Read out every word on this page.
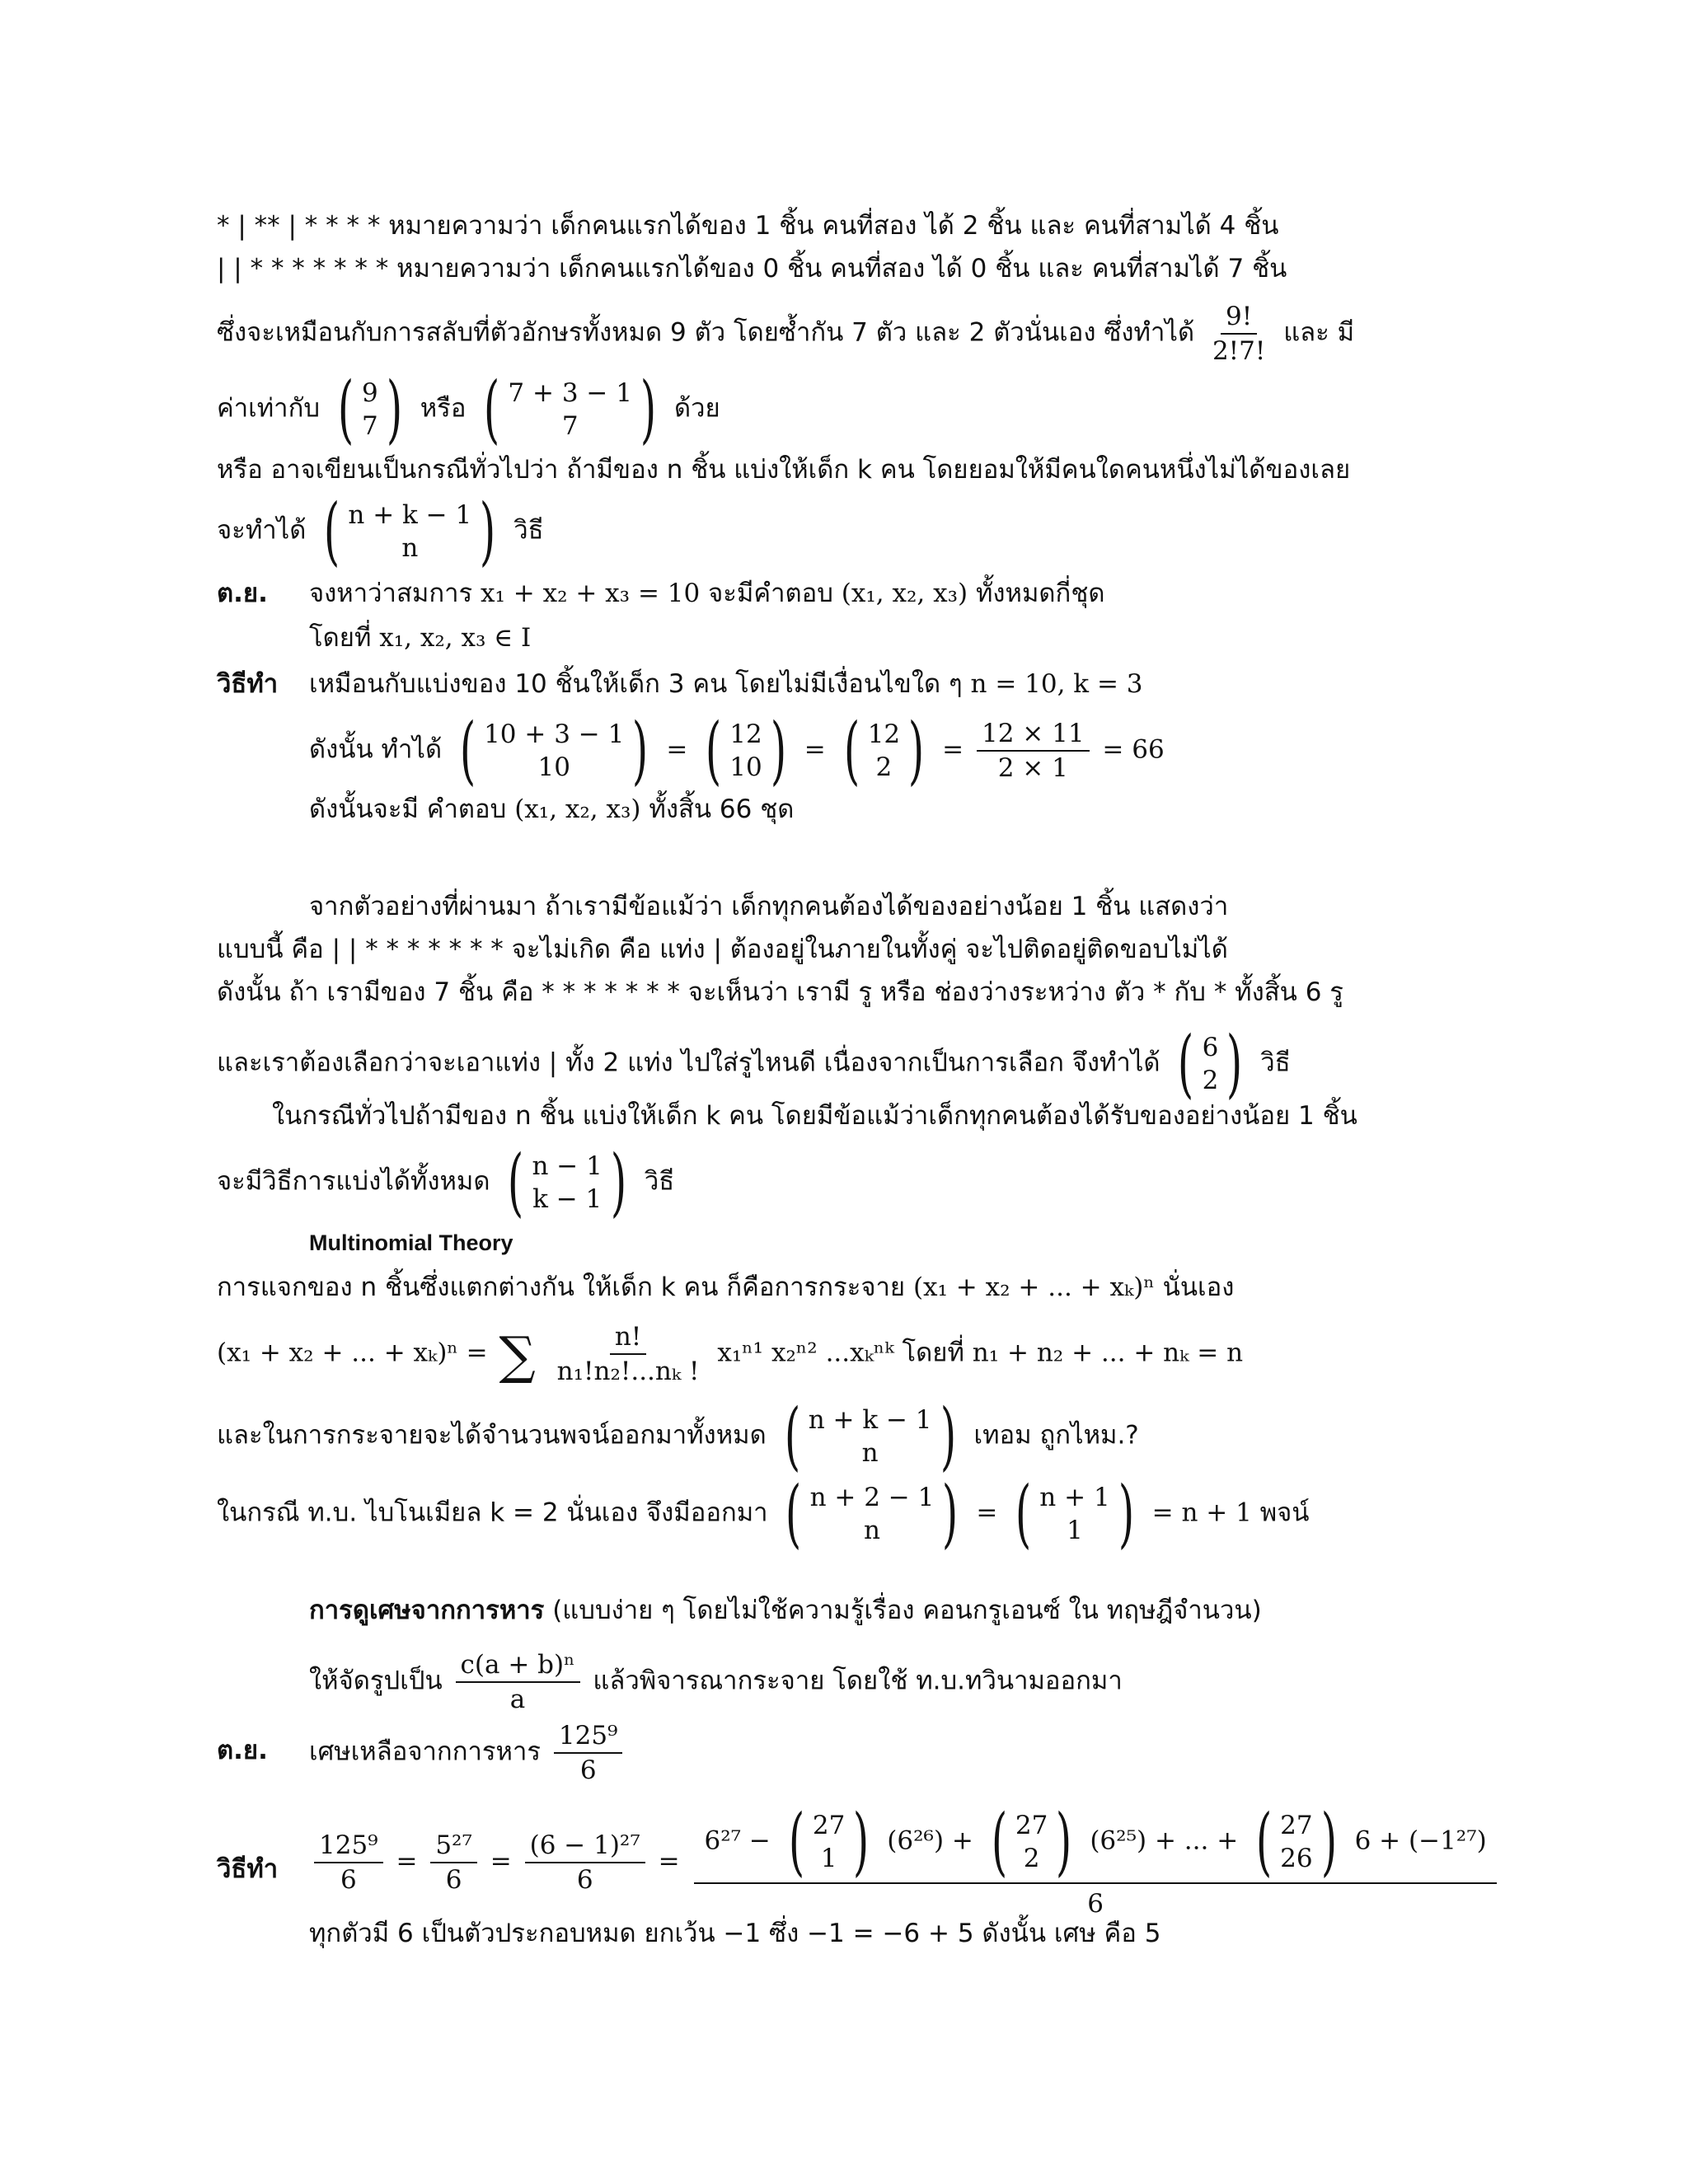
* | ** | * * * * หมายความว่า เด็กคนแรกได้ของ 1 ชิ้น คนที่สอง ได้ 2 ชิ้น และ คนที่สามได้ 4 ชิ้น
| | * * * * * * * หมายความว่า เด็กคนแรกได้ของ 0 ชิ้น คนที่สอง ได้ 0 ชิ้น และ คนที่สามได้ 7 ชิ้น
ซึ่งจะเหมือนกับการสลับที่ตัวอักษรทั้งหมด 9 ตัว โดยซ้ำกัน 7 ตัว และ 2 ตัวนั่นเอง ซึ่งทำได้ $\frac{9!}{2!7!}$ และ มี
ค่าเท่ากับ ( 9
7 ) หรือ ( 7 + 3 − 1
7 ) ด้วย
หรือ อาจเขียนเป็นกรณีทั่วไปว่า ถ้ามีของ n ชิ้น แบ่งให้เด็ก k คน โดยยอมให้มีคนใดคนหนึ่งไม่ได้ของเลย
จะทำได้ ( n + k − 1
n ) วิธี
ต.ย. จงหาว่าสมการ x₁ + x₂ + x₃ = 10 จะมีคำตอบ (x₁, x₂, x₃) ทั้งหมดกี่ชุด
โดยที่ x₁, x₂, x₃ ∈ I
วิธีทำ เหมือนกับแบ่งของ 10 ชิ้นให้เด็ก 3 คน โดยไม่มีเงื่อนไขใด ๆ n = 10, k = 3
ดังนั้น ทำได้ ( 10 + 3 − 1
10 ) = ( 12
10 ) = ( 12
2 ) = $\frac{12 \times 11}{2 \times 1} = 66$
ดังนั้นจะมี คำตอบ (x₁, x₂, x₃) ทั้งสิ้น 66 ชุด
จากตัวอย่างที่ผ่านมา ถ้าเรามีข้อแม้ว่า เด็กทุกคนต้องได้ของอย่างน้อย 1 ชิ้น แสดงว่า
แบบนี้ คือ | | * * * * * * * จะไม่เกิด คือ แท่ง | ต้องอยู่ในภายในทั้งคู่ จะไปติดอยู่ติดขอบไม่ได้
ดังนั้น ถ้า เรามีของ 7 ชิ้น คือ * * * * * * * จะเห็นว่า เรามี รู หรือ ช่องว่างระหว่าง ตัว * กับ * ทั้งสิ้น 6 รู
และเราต้องเลือกว่าจะเอาแท่ง | ทั้ง 2 แท่ง ไปใส่รูไหนดี เนื่องจากเป็นการเลือก จึงทำได้ ( 6
2 ) วิธี
ในกรณีทั่วไปถ้ามีของ n ชิ้น แบ่งให้เด็ก k คน โดยมีข้อแม้ว่าเด็กทุกคนต้องได้รับของอย่างน้อย 1 ชิ้น
จะมีวิธีการแบ่งได้ทั้งหมด ( n − 1
k − 1 ) วิธี
Multinomial Theory
การแจกของ n ชิ้นซึ่งแตกต่างกัน ให้เด็ก k คน ก็คือการกระจาย (x₁ + x₂ + ... + xₖ)ⁿ นั่นเอง
(x₁ + x₂ + ... + xₖ)ⁿ = ∑ $\frac{n!}{\text{n₁!n₂!...nₖ !}} x_1^{n1}$ x₂ⁿ² ...xₖⁿᵏ โดยที่ n₁ + n₂ + ... + nₖ = n
และในการกระจายจะได้จำนวนพจน์ออกมาทั้งหมด ( n + k − 1
n ) เทอม ถูกไหม.?
ในกรณี ท.บ. ไบโนเมียล k = 2 นั่นเอง จึงมีออกมา ( n + 2 − 1
n ) = ( n + 1
1 ) = n + 1 พจน์
การดูเศษจากการหาร (แบบง่าย ๆ โดยไม่ใช้ความรู้เรื่อง คอนกรูเอนซ์ ใน ทฤษฎีจำนวน)
ให้จัดรูปเป็น $\frac{\text{c(a + b)ⁿ}}{a}$ แล้วพิจารณากระจาย โดยใช้ ท.บ.ทวินามออกมา
ต.ย. เศษเหลือจากการหาร $\frac{\text{125⁹}}{6}$
วิธีทำ $\frac{\text{125⁹}}{6} = \frac{\text{5²⁷}}{6} = \frac{\text{(6 − 1)²⁷}}{6}$ =
6²⁷ − ( 27
1 ) (6²⁶) + ( 27
2 ) (6²⁵) + ... + ( 27
26 ) 6 + (−1²⁷)
6
ทุกตัวมี 6 เป็นตัวประกอบหมด ยกเว้น −1 ซึ่ง −1 = −6 + 5 ดังนั้น เศษ คือ 5
